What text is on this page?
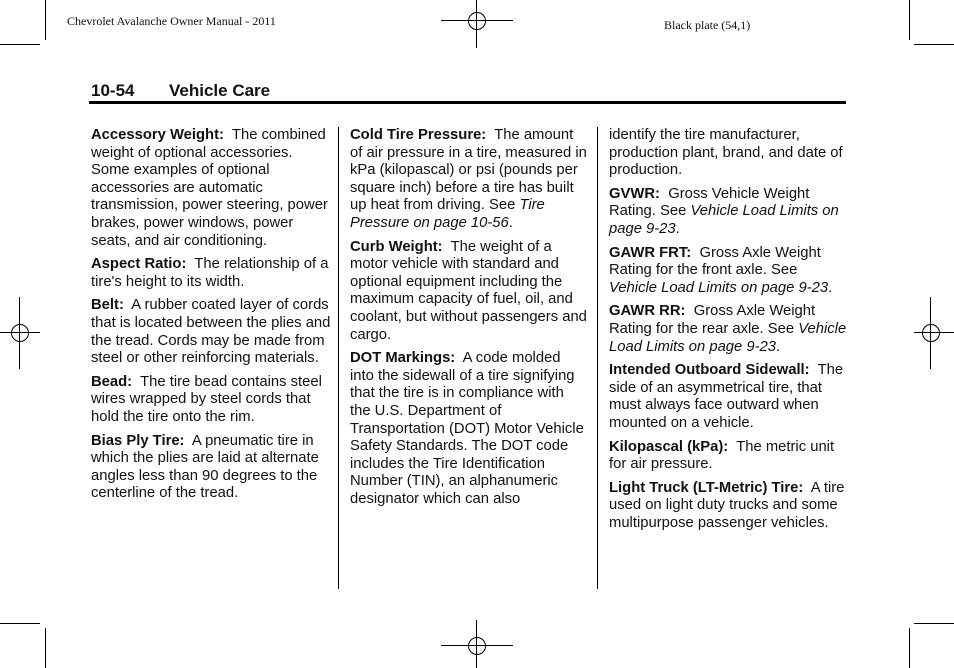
Chevrolet Avalanche Owner Manual - 2011	Black plate (54,1)
10-54 Vehicle Care

Accessory Weight: The combined weight of optional accessories. Some examples of optional accessories are automatic transmission, power steering, power brakes, power windows, power seats, and air conditioning.

Aspect Ratio: The relationship of a tire's height to its width.

Belt: A rubber coated layer of cords that is located between the plies and the tread. Cords may be made from steel or other reinforcing materials.

Bead: The tire bead contains steel wires wrapped by steel cords that hold the tire onto the rim.

Bias Ply Tire: A pneumatic tire in which the plies are laid at alternate angles less than 90 degrees to the centerline of the tread.

Cold Tire Pressure: The amount of air pressure in a tire, measured in kPa (kilopascal) or psi (pounds per square inch) before a tire has built up heat from driving. See Tire Pressure on page 10-56.

Curb Weight: The weight of a motor vehicle with standard and optional equipment including the maximum capacity of fuel, oil, and coolant, but without passengers and cargo.

DOT Markings: A code molded into the sidewall of a tire signifying that the tire is in compliance with the U.S. Department of Transportation (DOT) Motor Vehicle Safety Standards. The DOT code includes the Tire Identification Number (TIN), an alphanumeric designator which can also

identify the tire manufacturer, production plant, brand, and date of production.

GVWR: Gross Vehicle Weight Rating. See Vehicle Load Limits on page 9-23.

GAWR FRT: Gross Axle Weight Rating for the front axle. See Vehicle Load Limits on page 9-23.

GAWR RR: Gross Axle Weight Rating for the rear axle. See Vehicle Load Limits on page 9-23.

Intended Outboard Sidewall: The side of an asymmetrical tire, that must always face outward when mounted on a vehicle.

Kilopascal (kPa): The metric unit for air pressure.

Light Truck (LT-Metric) Tire: A tire used on light duty trucks and some multipurpose passenger vehicles.
